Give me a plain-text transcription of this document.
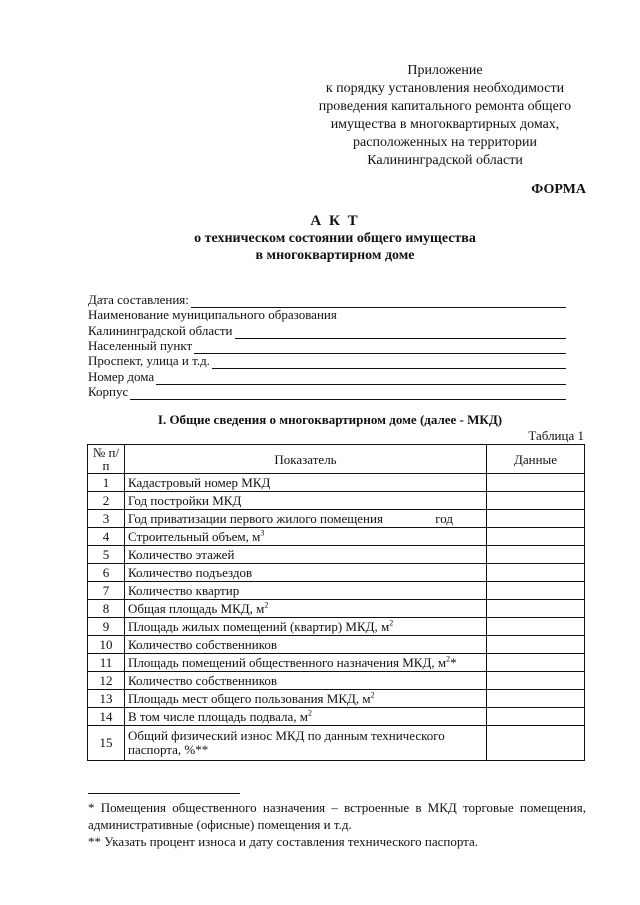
Приложение
к порядку установления необходимости
проведения капитального ремонта общего
имущества в многоквартирных домах,
расположенных на территории
Калининградской области
ФОРМА
А К Т
о техническом состоянии общего имущества
в многоквартирном доме
Дата составления:
Наименование муниципального образования
Калининградской области
Населенный пункт
Проспект, улица и т.д.
Номер дома
Корпус
I. Общие сведения о многоквартирном доме (далее - МКД)
Таблица 1
№ п/п	Показатель	Данные
1	Кадастровый номер МКД	

2	Год постройки МКД	

3	Год приватизации первого жилого помещения год	

4	Строительный объем, $м^3$

5	Количество этажей	

6	Количество подъездов	

7	Количество квартир	

8	Общая площадь МКД, $м^2$

9	Площадь жилых помещений (квартир) МКД, $м^2$

10	Количество собственников	

11	Площадь помещений общественного назначения МКД, $м^2*$	

12	Количество собственников	

13	Площадь мест общего пользования МКД, $м^2$

14	В том числе площадь подвала, $м^2$

15	Общий физический износ МКД по данным технического паспорта, %**	

* Помещения общественного назначения – встроенные в МКД торговые помещения, административные (офисные) помещения и т.д.

** Указать процент износа и дату составления технического паспорта.
